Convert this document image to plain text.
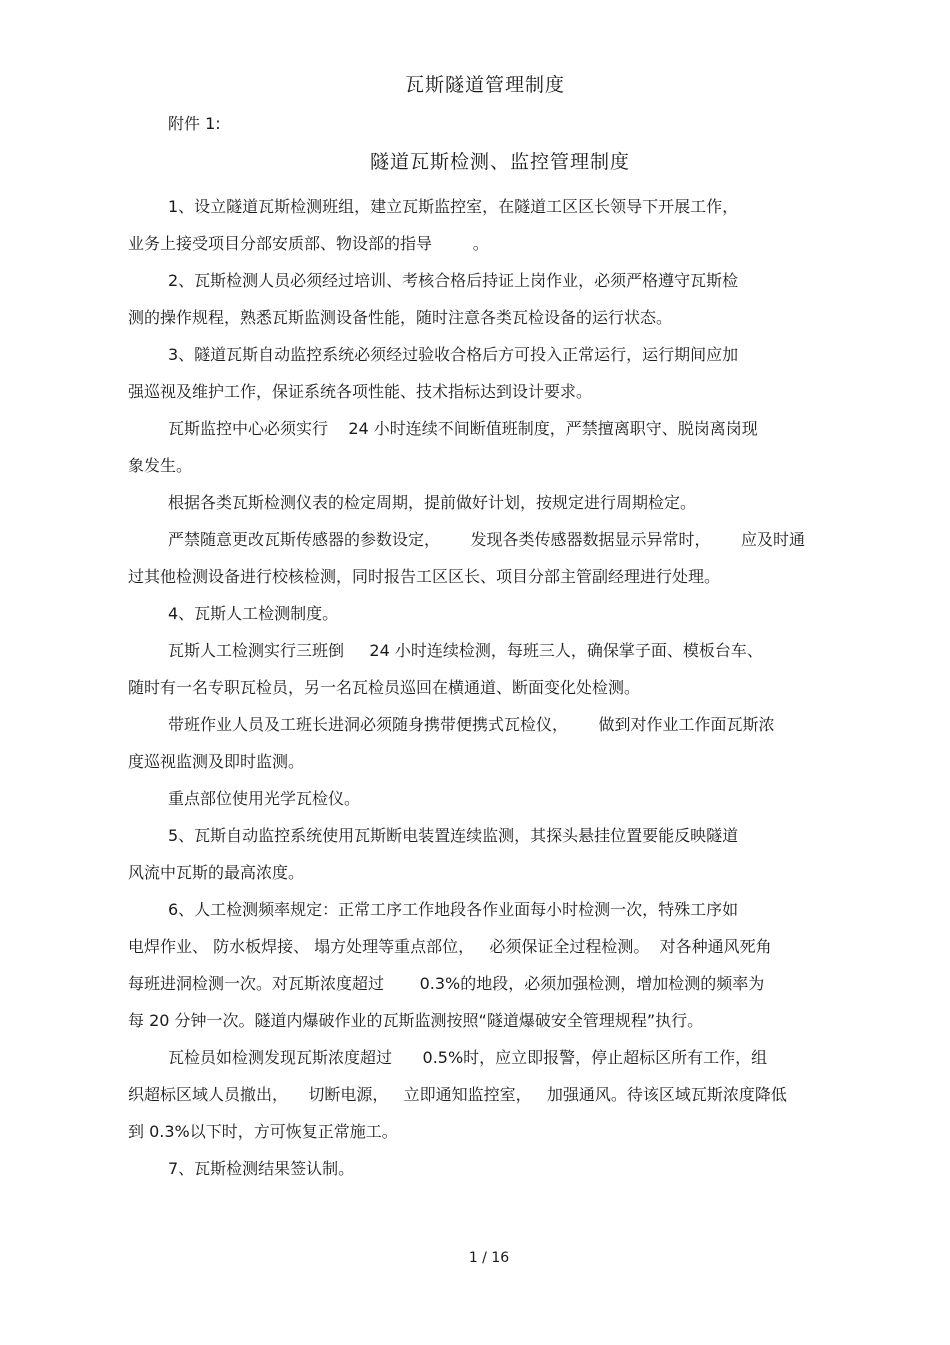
瓦斯隧道管理制度
附件 1:
隧道瓦斯检测、监控管理制度
1、设立隧道瓦斯检测班组，建立瓦斯监控室，在隧道工区区长领导下开展工作，
业务上接受项目分部安质部、物设部的指导        。
2、瓦斯检测人员必须经过培训、考核合格后持证上岗作业，必须严格遵守瓦斯检
测的操作规程，熟悉瓦斯监测设备性能，随时注意各类瓦检设备的运行状态。
3、隧道瓦斯自动监控系统必须经过验收合格后方可投入正常运行，运行期间应加
强巡视及维护工作，保证系统各项性能、技术指标达到设计要求。
瓦斯监控中心必须实行    24 小时连续不间断值班制度，严禁擅离职守、脱岗离岗现
象发生。
根据各类瓦斯检测仪表的检定周期，提前做好计划，按规定进行周期检定。
严禁随意更改瓦斯传感器的参数设定，      发现各类传感器数据显示异常时，      应及时通
过其他检测设备进行校核检测，同时报告工区区长、项目分部主管副经理进行处理。
4、瓦斯人工检测制度。
瓦斯人工检测实行三班倒     24 小时连续检测，每班三人，确保掌子面、模板台车、
随时有一名专职瓦检员，另一名瓦检员巡回在横通道、断面变化处检测。
带班作业人员及工班长进洞必须随身携带便携式瓦检仪，      做到对作业工作面瓦斯浓
度巡视监测及即时监测。
重点部位使用光学瓦检仪。
5、瓦斯自动监控系统使用瓦斯断电装置连续监测，其探头悬挂位置要能反映隧道
风流中瓦斯的最高浓度。
6、人工检测频率规定：正常工序工作地段各作业面每小时检测一次，特殊工序如
电焊作业、 防水板焊接、 塌方处理等重点部位，   必须保证全过程检测。  对各种通风死角
每班进洞检测一次。对瓦斯浓度超过       0.3%的地段，必须加强检测，增加检测的频率为
每 20 分钟一次。隧道内爆破作业的瓦斯监测按照“隧道爆破安全管理规程”执行。
瓦检员如检测发现瓦斯浓度超过      0.5%时，应立即报警，停止超标区所有工作，组
织超标区域人员撤出，    切断电源，   立即通知监控室，   加强通风。待该区域瓦斯浓度降低
到 0.3%以下时，方可恢复正常施工。
7、瓦斯检测结果签认制。
1 / 16
